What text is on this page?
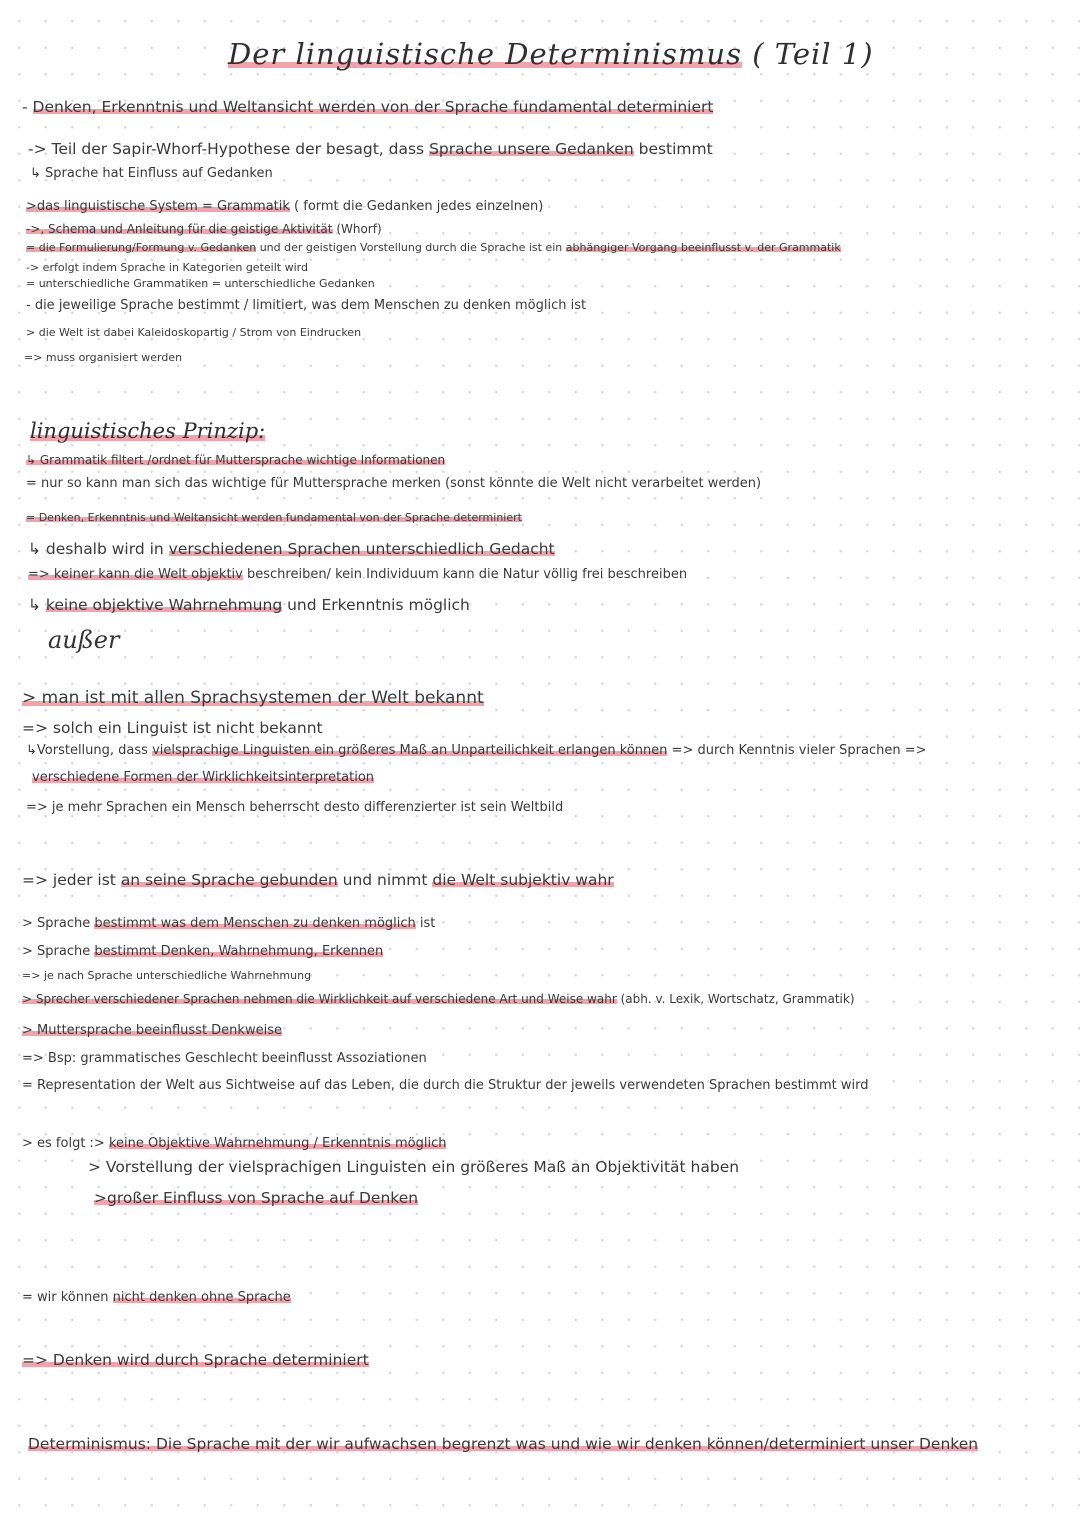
Der linguistische Determinismus ( Teil 1)
- Denken, Erkenntnis und Weltansicht werden von der Sprache fundamental determiniert
-> Teil der Sapir-Whorf-Hypothese der besagt, dass Sprache unsere Gedanken bestimmt
↳ Sprache hat Einfluss auf Gedanken
>das linguistische System = Grammatik ( formt die Gedanken jedes einzelnen)
->, Schema und Anleitung für die geistige Aktivität (Whorf)
= die Formulierung/Formung v. Gedanken und der geistigen Vorstellung durch die Sprache ist ein abhängiger Vorgang beeinflusst v. der Grammatik
-> erfolgt indem Sprache in Kategorien geteilt wird
= unterschiedliche Grammatiken = unterschiedliche Gedanken
- die jeweilige Sprache bestimmt / limitiert, was dem Menschen zu denken möglich ist
> die Welt ist dabei Kaleidoskopartig / Strom von Eindrucken
=> muss organisiert werden
linguistisches Prinzip:
↳ Grammatik filtert /ordnet für Muttersprache wichtige Informationen
= nur so kann man sich das wichtige für Muttersprache merken (sonst könnte die Welt nicht verarbeitet werden)
= Denken, Erkenntnis und Weltansicht werden fundamental von der Sprache determiniert
↳ deshalb wird in verschiedenen Sprachen unterschiedlich Gedacht
=> keiner kann die Welt objektiv beschreiben/ kein Individuum kann die Natur völlig frei beschreiben
↳ keine objektive Wahrnehmung und Erkenntnis möglich
außer
> man ist mit allen Sprachsystemen der Welt bekannt
=> solch ein Linguist ist nicht bekannt
↳Vorstellung, dass vielsprachige Linguisten ein größeres Maß an Unparteilichkeit erlangen können => durch Kenntnis vieler Sprachen =>
verschiedene Formen der Wirklichkeitsinterpretation
=> je mehr Sprachen ein Mensch beherrscht desto differenzierter ist sein Weltbild
=> jeder ist an seine Sprache gebunden und nimmt die Welt subjektiv wahr
> Sprache bestimmt was dem Menschen zu denken möglich ist
> Sprache bestimmt Denken, Wahrnehmung, Erkennen
=> je nach Sprache unterschiedliche Wahrnehmung
> Sprecher verschiedener Sprachen nehmen die Wirklichkeit auf verschiedene Art und Weise wahr (abh. v. Lexik, Wortschatz, Grammatik)
> Muttersprache beeinflusst Denkweise
=> Bsp: grammatisches Geschlecht beeinflusst Assoziationen
= Representation der Welt aus Sichtweise auf das Leben, die durch die Struktur der jeweils verwendeten Sprachen bestimmt wird
> es folgt :> keine Objektive Wahrnehmung / Erkenntnis möglich
> Vorstellung der vielsprachigen Linguisten ein größeres Maß an Objektivität haben
>großer Einfluss von Sprache auf Denken
= wir können nicht denken ohne Sprache
=> Denken wird durch Sprache determiniert
Determinismus: Die Sprache mit der wir aufwachsen begrenzt was und wie wir denken können/determiniert unser Denken
